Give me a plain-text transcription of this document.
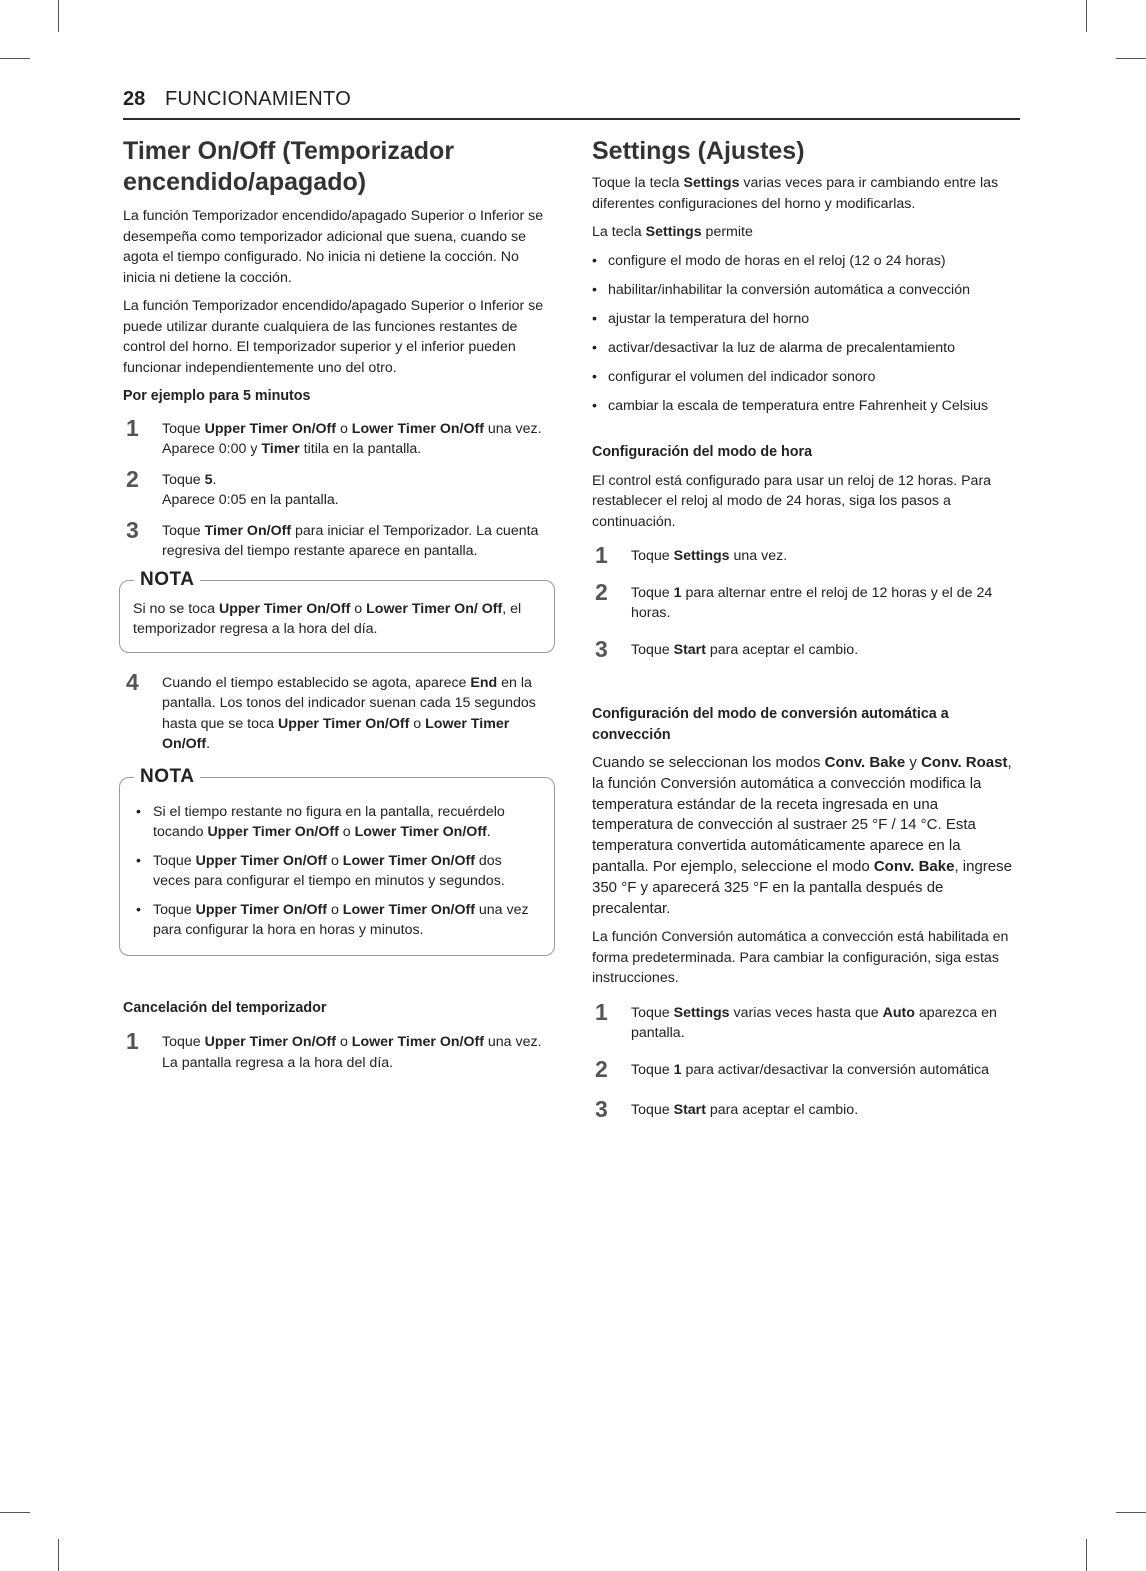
28 FUNCIONAMIENTO
Timer On/Off (Temporizador encendido/apagado)

La función Temporizador encendido/apagado Superior o Inferior se desempeña como temporizador adicional que suena, cuando se agota el tiempo configurado. No inicia ni detiene la cocción. No inicia ni detiene la cocción.

La función Temporizador encendido/apagado Superior o Inferior se puede utilizar durante cualquiera de las funciones restantes de control del horno. El temporizador superior y el inferior pueden funcionar independientemente uno del otro.

Por ejemplo para 5 minutos
1 Toque Upper Timer On/Off o Lower Timer On/Off una vez.
Aparece 0:00 y Timer titila en la pantalla.
2 Toque 5.
Aparece 0:05 en la pantalla.
3 Toque Timer On/Off para iniciar el Temporizador. La cuenta regresiva del tiempo restante aparece en pantalla.
NOTA

Si no se toca Upper Timer On/Off o Lower Timer On/ Off, el temporizador regresa a la hora del día.

4 Cuando el tiempo establecido se agota, aparece End en la pantalla. Los tonos del indicador suenan cada 15 segundos hasta que se toca Upper Timer On/Off o Lower Timer On/Off.
NOTA
• Si el tiempo restante no figura en la pantalla, recuérdelo tocando Upper Timer On/Off o Lower Timer On/Off.
• Toque Upper Timer On/Off o Lower Timer On/Off dos veces para configurar el tiempo en minutos y segundos.
• Toque Upper Timer On/Off o Lower Timer On/Off una vez para configurar la hora en horas y minutos.
Cancelación del temporizador
1 Toque Upper Timer On/Off o Lower Timer On/Off una vez.
La pantalla regresa a la hora del día.
Settings (Ajustes)

Toque la tecla Settings varias veces para ir cambiando entre las diferentes configuraciones del horno y modificarlas.

La tecla Settings permite

• configure el modo de horas en el reloj (12 o 24 horas)
• habilitar/inhabilitar la conversión automática a convección
• ajustar la temperatura del horno
• activar/desactivar la luz de alarma de precalentamiento
• configurar el volumen del indicador sonoro
• cambiar la escala de temperatura entre Fahrenheit y Celsius
Configuración del modo de hora

El control está configurado para usar un reloj de 12 horas. Para restablecer el reloj al modo de 24 horas, siga los pasos a continuación.

1 Toque Settings una vez.
2 Toque 1 para alternar entre el reloj de 12 horas y el de 24 horas.
3 Toque Start para aceptar el cambio.
Configuración del modo de conversión automática a convección

Cuando se seleccionan los modos Conv. Bake y Conv. Roast, la función Conversión automática a convección modifica la temperatura estándar de la receta ingresada en una temperatura de convección al sustraer 25 °F / 14 °C. Esta temperatura convertida automáticamente aparece en la pantalla. Por ejemplo, seleccione el modo Conv. Bake, ingrese 350 °F y aparecerá 325 °F en la pantalla después de precalentar.

La función Conversión automática a convección está habilitada en forma predeterminada. Para cambiar la configuración, siga estas instrucciones.

1 Toque Settings varias veces hasta que Auto aparezca en pantalla.
2 Toque 1 para activar/desactivar la conversión automática
3 Toque Start para aceptar el cambio.
